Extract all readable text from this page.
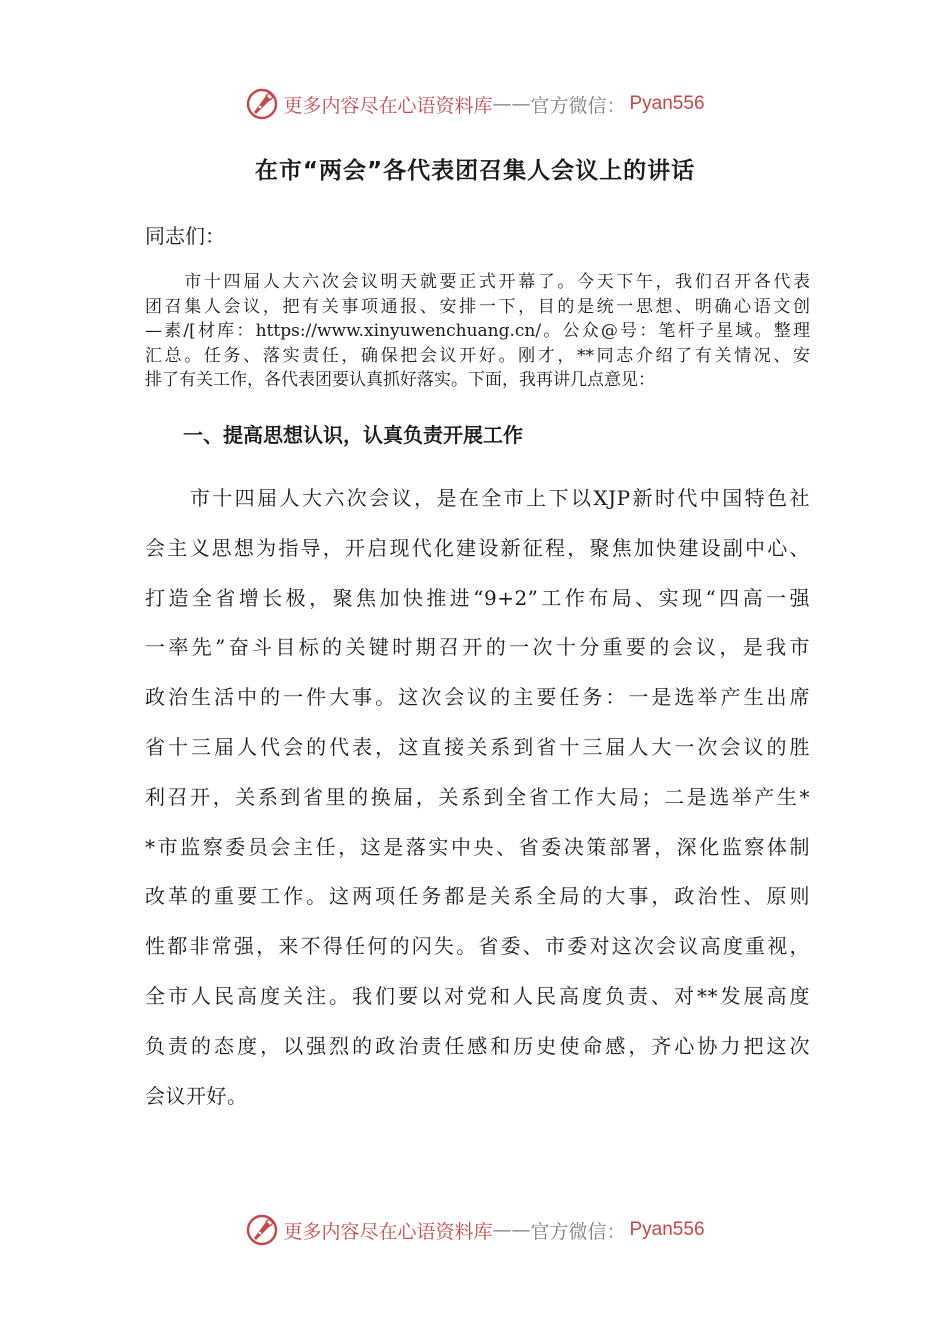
更多内容尽在心语资料库 —— 官方微信： Pyan556
在市“两会”各代表团召集人会议上的讲话
同志们：
　　市十四届人大六次会议明天就要正式开幕了。今天下午，我们召开各代表
团召集人会议，把有关事项通报、安排一下，目的是统一思想、明确心语文创
—素/[材库：https://www.xinyuwenchuang.cn/。公众@号：笔杆子星域。整理
汇总。任务、落实责任，确保把会议开好。刚才，**同志介绍了有关情况、安
排了有关工作，各代表团要认真抓好落实。下面，我再讲几点意见：
一、提高思想认识，认真负责开展工作
　　市十四届人大六次会议，是在全市上下以XJP新时代中国特色社
会主义思想为指导，开启现代化建设新征程，聚焦加快建设副中心、
打造全省增长极，聚焦加快推进“9+2”工作布局、实现“四高一强
一率先”奋斗目标的关键时期召开的一次十分重要的会议，是我市
政治生活中的一件大事。这次会议的主要任务：一是选举产生出席
省十三届人代会的代表，这直接关系到省十三届人大一次会议的胜
利召开，关系到省里的换届，关系到全省工作大局；二是选举产生*
*市监察委员会主任，这是落实中央、省委决策部署，深化监察体制
改革的重要工作。这两项任务都是关系全局的大事，政治性、原则
性都非常强，来不得任何的闪失。省委、市委对这次会议高度重视，
全市人民高度关注。我们要以对党和人民高度负责、对**发展高度
负责的态度，以强烈的政治责任感和历史使命感，齐心协力把这次
会议开好。
更多内容尽在心语资料库 —— 官方微信： Pyan556
